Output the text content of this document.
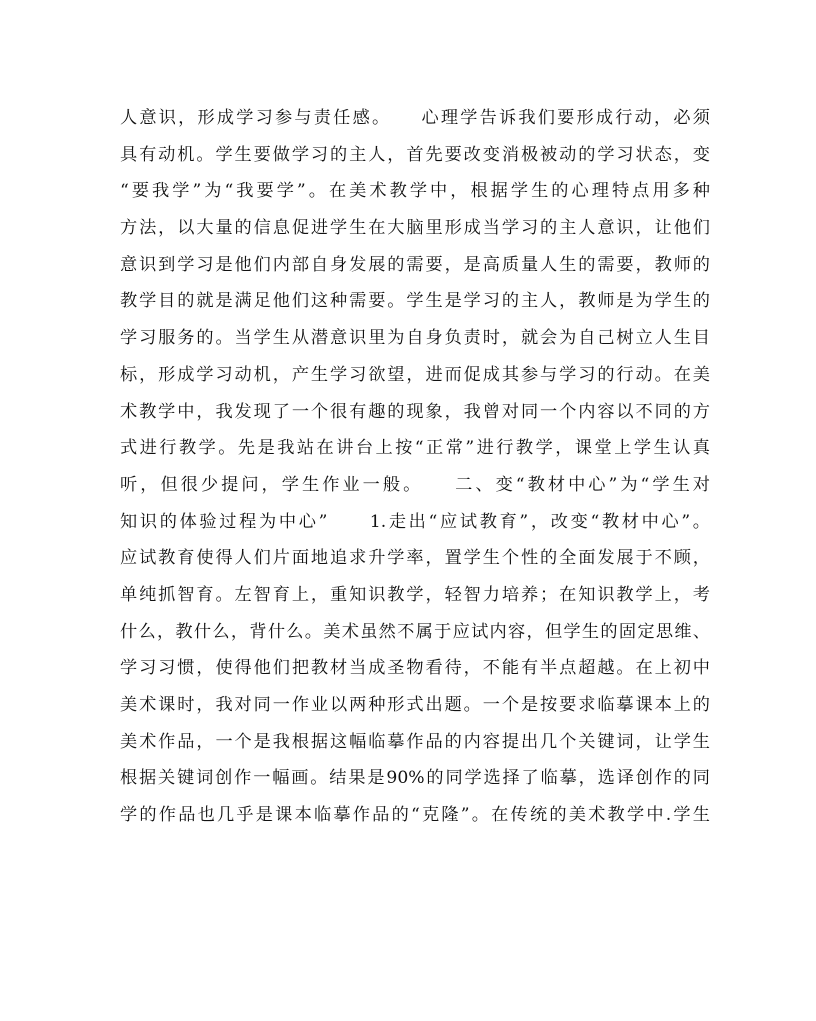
人意识，形成学习参与责任感。　　心理学告诉我们要形成行动，必须
具有动机。学生要做学习的主人，首先要改变消极被动的学习状态，变
“要我学”为“我要学”。在美术教学中，根据学生的心理特点用多种
方法，以大量的信息促进学生在大脑里形成当学习的主人意识，让他们
意识到学习是他们内部自身发展的需要，是高质量人生的需要，教师的
教学目的就是满足他们这种需要。学生是学习的主人，教师是为学生的
学习服务的。当学生从潜意识里为自身负责时，就会为自己树立人生目
标，形成学习动机，产生学习欲望，进而促成其参与学习的行动。在美
术教学中，我发现了一个很有趣的现象，我曾对同一个内容以不同的方
式进行教学。先是我站在讲台上按“正常”进行教学，课堂上学生认真
听，但很少提问，学生作业一般。　　二、变“教材中心”为“学生对
知识的体验过程为中心”　　1.走出“应试教育”，改变“教材中心”。
应试教育使得人们片面地追求升学率，置学生个性的全面发展于不顾，
单纯抓智育。左智育上，重知识教学，轻智力培养；在知识教学上，考
什么，教什么，背什么。美术虽然不属于应试内容，但学生的固定思维、
学习习惯，使得他们把教材当成圣物看待，不能有半点超越。在上初中
美术课时，我对同一作业以两种形式出题。一个是按要求临摹课本上的
美术作品，一个是我根据这幅临摹作品的内容提出几个关键词，让学生
根据关键词创作一幅画。结果是90%的同学选择了临摹，选译创作的同
学的作品也几乎是课本临摹作品的“克隆”。在传统的美术教学中.学生
